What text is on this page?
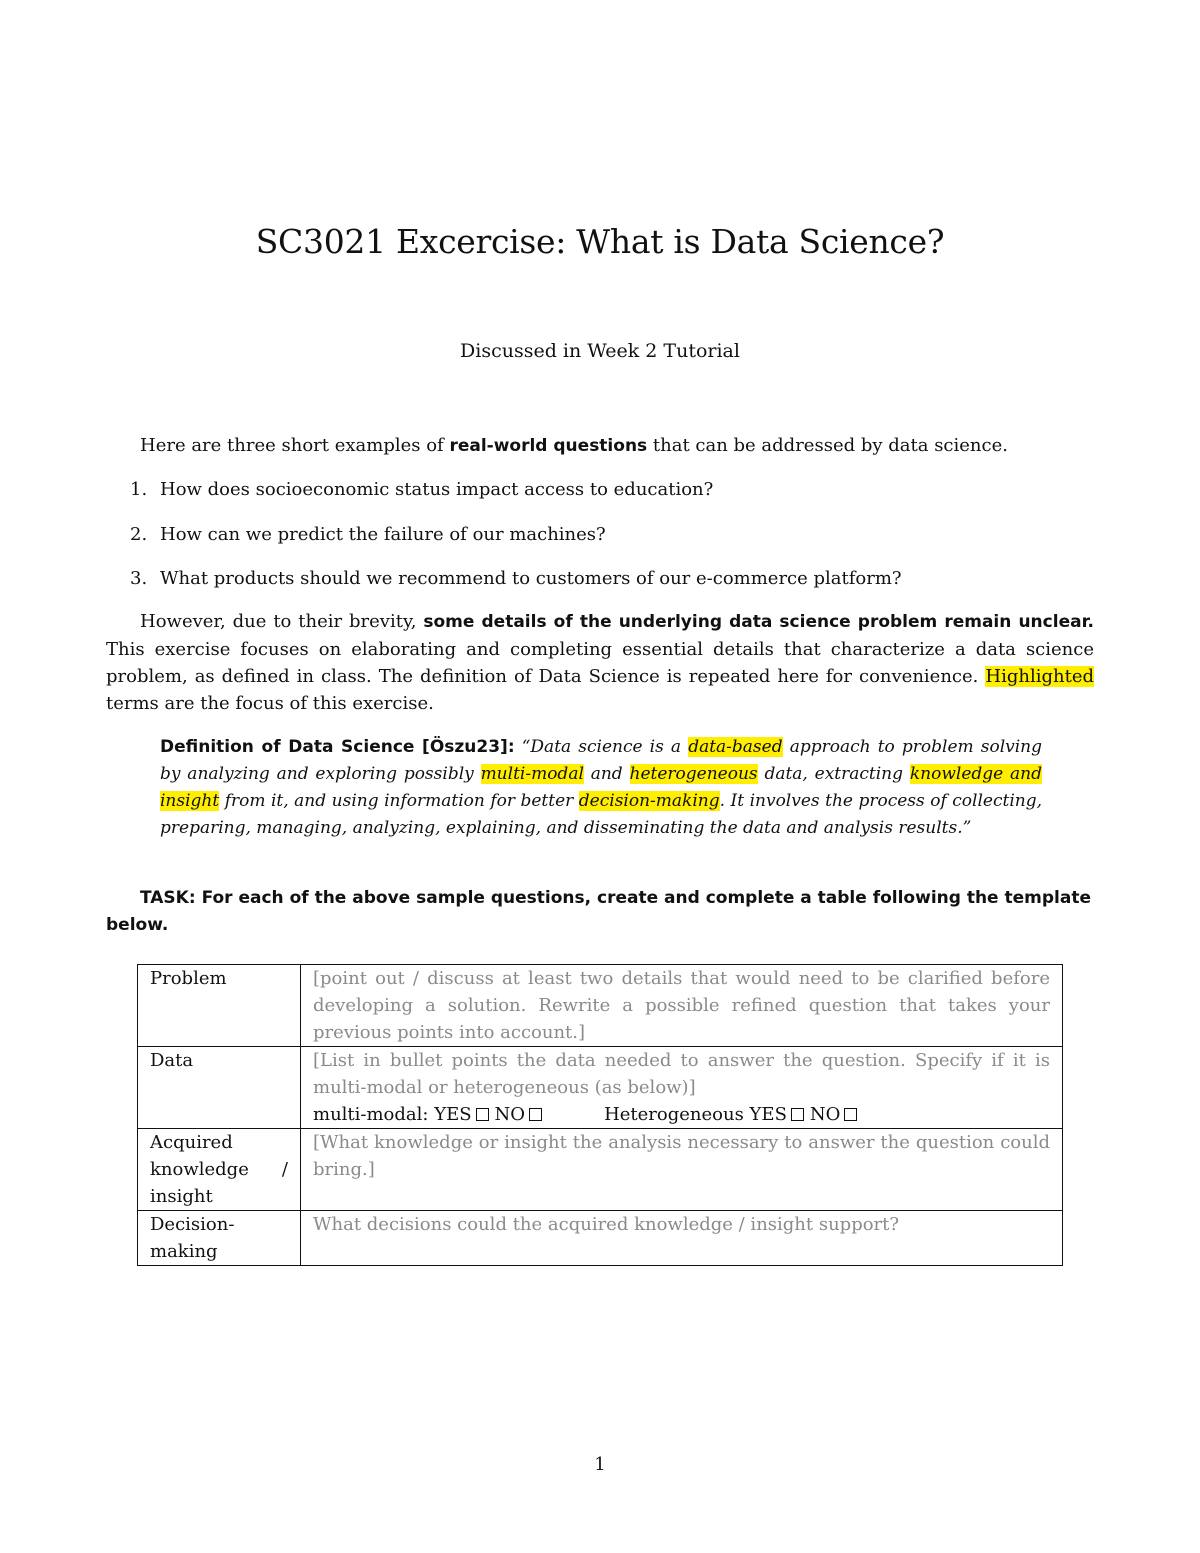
SC3021 Excercise: What is Data Science?
Discussed in Week 2 Tutorial
Here are three short examples of real-world questions that can be addressed by data science.
1. How does socioeconomic status impact access to education?
2. How can we predict the failure of our machines?
3. What products should we recommend to customers of our e-commerce platform?
However, due to their brevity, some details of the underlying data science problem remain unclear. This exercise focuses on elaborating and completing essential details that characterize a data science problem, as defined in class. The definition of Data Science is repeated here for convenience. Highlighted terms are the focus of this exercise.
Definition of Data Science [Öszu23]: “Data science is a data-based approach to problem solving by analyzing and exploring possibly multi-modal and heterogeneous data, extracting knowledge and insight from it, and using information for better decision-making. It involves the process of collecting, preparing, managing, analyzing, explaining, and disseminating the data and analysis results.”
TASK: For each of the above sample questions, create and complete a table following the template below.
Problem	[point out / discuss at least two details that would need to be clarified before developing a solution. Rewrite a possible refined question that takes your previous points into account.]
Data	[List in bullet points the data needed to answer the question. Specify if it is multi-modal or heterogeneous (as below)]
multi-modal: YES NO Heterogeneous YES NO

Acquired
knowledge /
insight	[What knowledge or insight the analysis necessary to answer the question could bring.]

Decision-
making	What decisions could the acquired knowledge / insight support?
1
